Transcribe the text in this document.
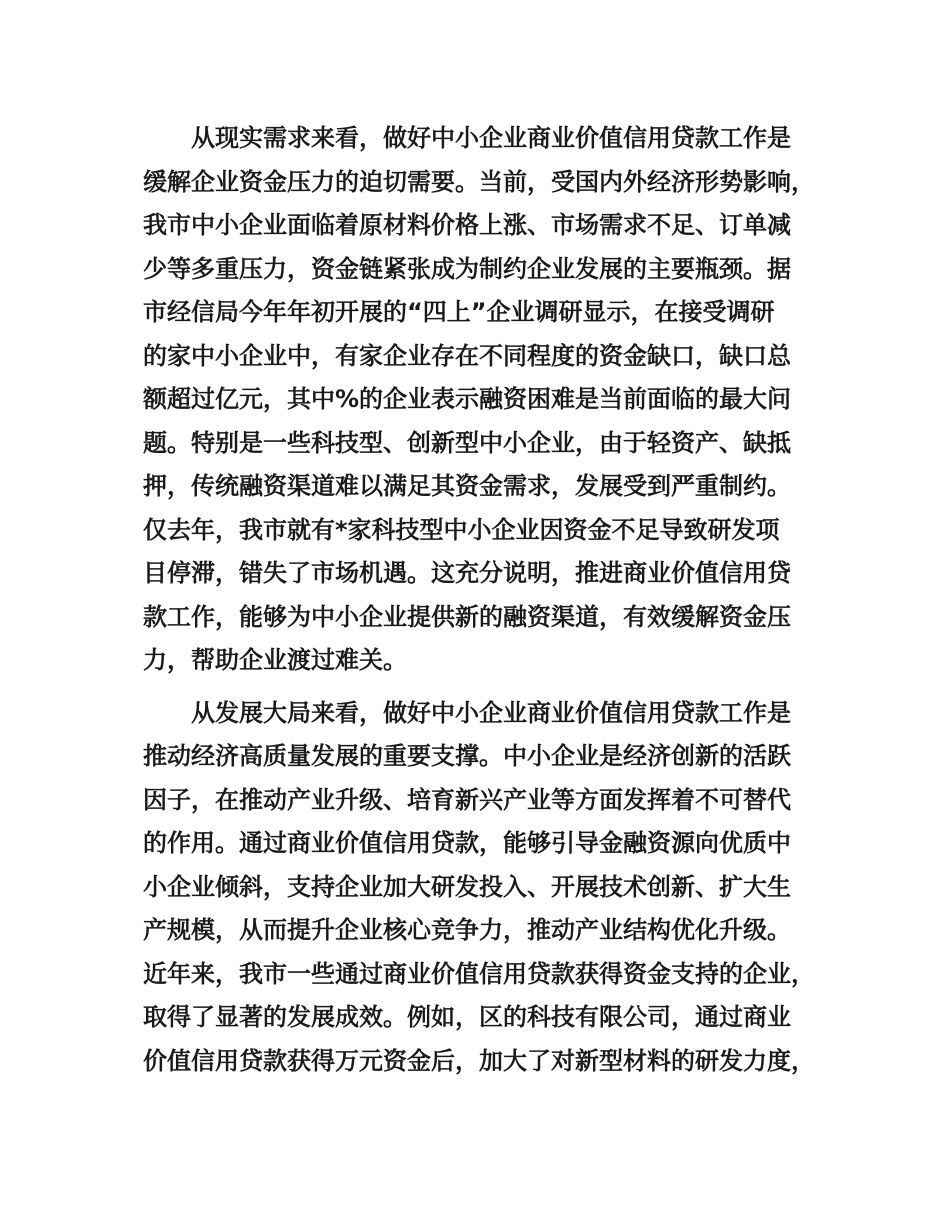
从现实需求来看，做好中小企业商业价值信用贷款工作是
缓解企业资金压力的迫切需要。当前，受国内外经济形势影响，
我市中小企业面临着原材料价格上涨、市场需求不足、订单减
少等多重压力，资金链紧张成为制约企业发展的主要瓶颈。据
市经信局今年年初开展的“四上”企业调研显示，在接受调研
的家中小企业中，有家企业存在不同程度的资金缺口，缺口总
额超过亿元，其中%的企业表示融资困难是当前面临的最大问
题。特别是一些科技型、创新型中小企业，由于轻资产、缺抵
押，传统融资渠道难以满足其资金需求，发展受到严重制约。
仅去年，我市就有*家科技型中小企业因资金不足导致研发项
目停滞，错失了市场机遇。这充分说明，推进商业价值信用贷
款工作，能够为中小企业提供新的融资渠道，有效缓解资金压
力，帮助企业渡过难关。
从发展大局来看，做好中小企业商业价值信用贷款工作是
推动经济高质量发展的重要支撑。中小企业是经济创新的活跃
因子，在推动产业升级、培育新兴产业等方面发挥着不可替代
的作用。通过商业价值信用贷款，能够引导金融资源向优质中
小企业倾斜，支持企业加大研发投入、开展技术创新、扩大生
产规模，从而提升企业核心竞争力，推动产业结构优化升级。
近年来，我市一些通过商业价值信用贷款获得资金支持的企业，
取得了显著的发展成效。例如，区的科技有限公司，通过商业
价值信用贷款获得万元资金后，加大了对新型材料的研发力度，
